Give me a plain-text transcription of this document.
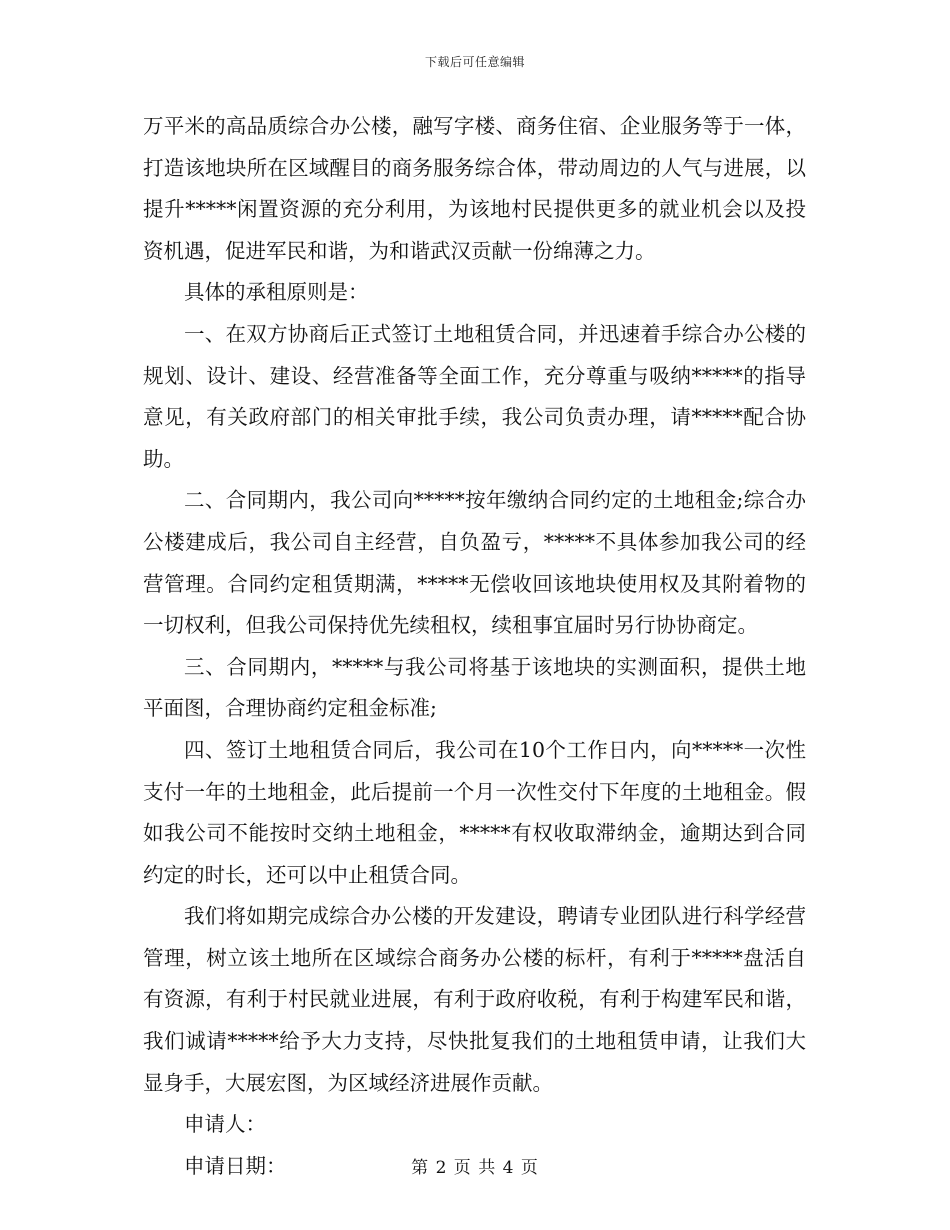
下载后可任意编辑

万平米的高品质综合办公楼，融写字楼、商务住宿、企业服务等于一体，打造该地块所在区域醒目的商务服务综合体，带动周边的人气与进展，以提升*****闲置资源的充分利用，为该地村民提供更多的就业机会以及投资机遇，促进军民和谐，为和谐武汉贡献一份绵薄之力。

具体的承租原则是：

一、在双方协商后正式签订土地租赁合同，并迅速着手综合办公楼的规划、设计、建设、经营准备等全面工作，充分尊重与吸纳*****的指导意见，有关政府部门的相关审批手续，我公司负责办理，请*****配合协助。

二、合同期内，我公司向*****按年缴纳合同约定的土地租金;综合办公楼建成后，我公司自主经营，自负盈亏，*****不具体参加我公司的经营管理。合同约定租赁期满，*****无偿收回该地块使用权及其附着物的一切权利，但我公司保持优先续租权，续租事宜届时另行协协商定。

三、合同期内，*****与我公司将基于该地块的实测面积，提供土地平面图，合理协商约定租金标准;

四、签订土地租赁合同后，我公司在10个工作日内，向*****一次性支付一年的土地租金，此后提前一个月一次性交付下年度的土地租金。假如我公司不能按时交纳土地租金，*****有权收取滞纳金，逾期达到合同约定的时长，还可以中止租赁合同。

我们将如期完成综合办公楼的开发建设，聘请专业团队进行科学经营管理，树立该土地所在区域综合商务办公楼的标杆，有利于*****盘活自有资源，有利于村民就业进展，有利于政府收税，有利于构建军民和谐，我们诚请*****给予大力支持，尽快批复我们的土地租赁申请，让我们大显身手，大展宏图，为区域经济进展作贡献。

申请人：

申请日期：	第 2 页 共 4 页
